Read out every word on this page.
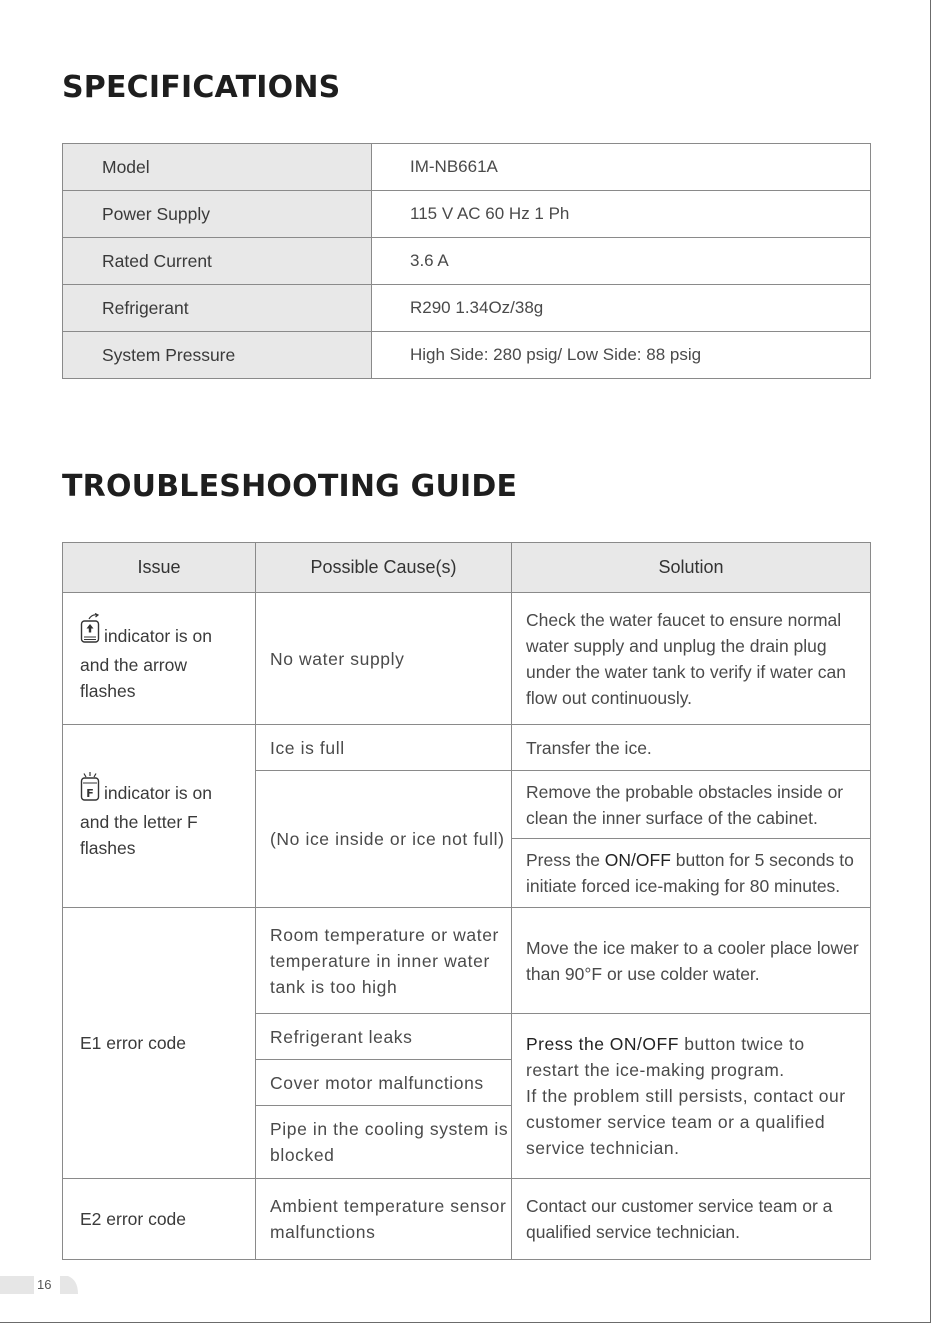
SPECIFICATIONS
Model	IM-NB661A
Power Supply	115 V AC 60 Hz 1 Ph
Rated Current	3.6 A
Refrigerant	R290 1.34Oz/38g
System Pressure	High Side: 280 psig/ Low Side: 88 psig
TROUBLESHOOTING GUIDE
Issue	Possible Cause(s)	Solution
indicator is on
and the arrow
flashes	No water supply	Check the water faucet to ensure normal water supply and unplug the drain plug under the water tank to verify if water can flow out continuously.

F indicator is on
and the letter F
flashes	Ice is full	Transfer the ice.
	(No ice inside or ice not full)	Remove the probable obstacles inside or clean the inner surface of the cabinet.
		Press the ON/OFF button for 5 seconds to initiate forced ice-making for 80 minutes.
E1 error code	Room temperature or water temperature in inner water tank is too high	Move the ice maker to a cooler place lower than 90°F or use colder water.
	Refrigerant leaks	Press the ON/OFF button twice to restart the ice-making program.
If the problem still persists, contact our customer service team or a qualified service technician.
	Cover motor malfunctions	
	Pipe in the cooling system is blocked	
E2 error code	Ambient temperature sensor malfunctions	Contact our customer service team or a qualified service technician.
16
